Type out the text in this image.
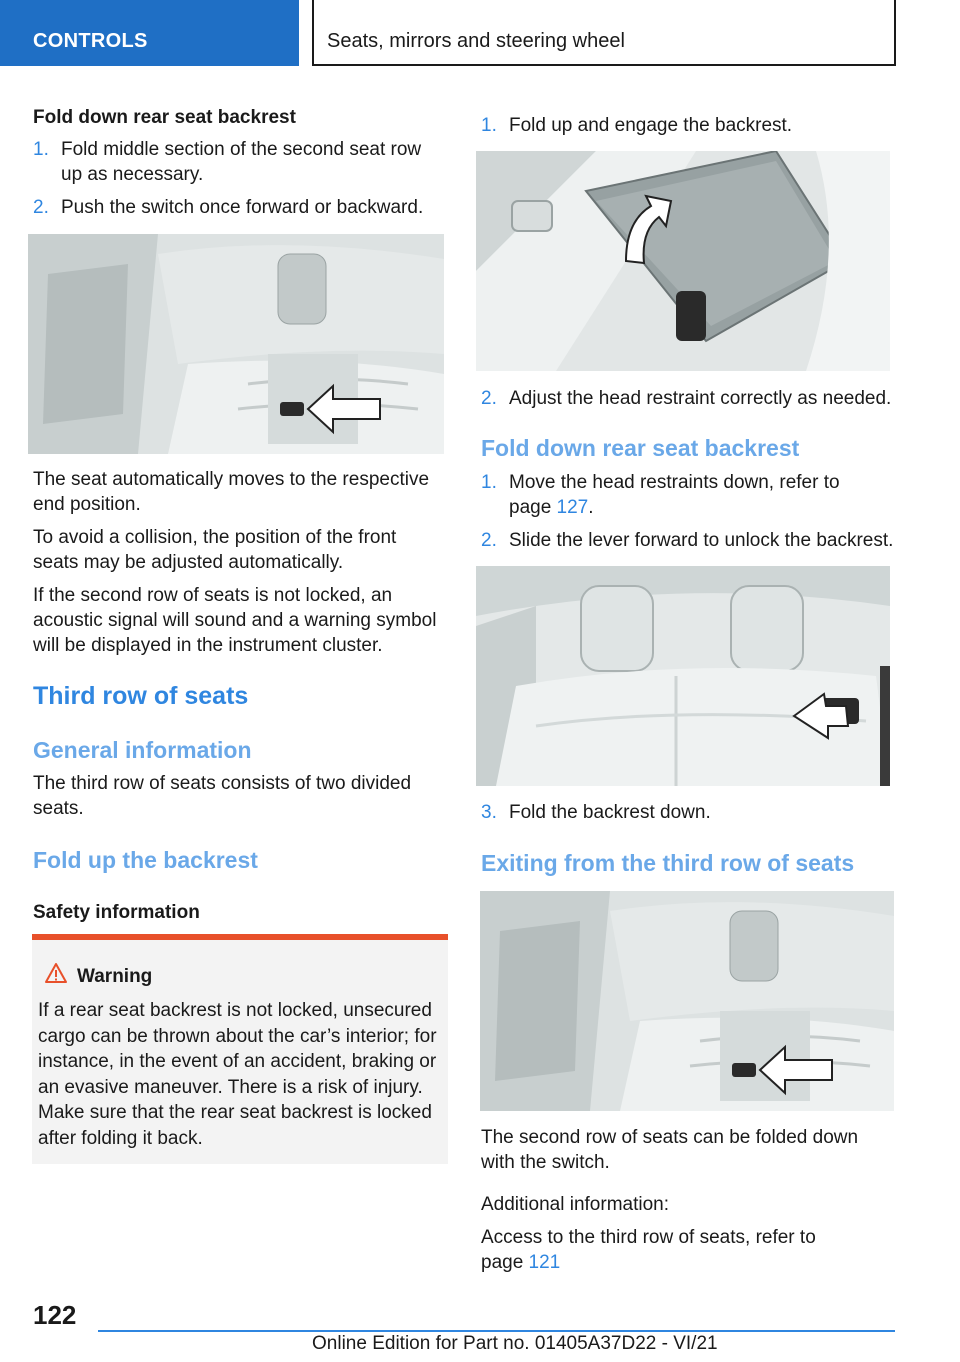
CONTROLS	Seats, mirrors and steering wheel
Fold down rear seat backrest
1. Fold middle section of the second seat row up as necessary.
2. Push the switch once forward or backward.
The seat automatically moves to the respective end position.
To avoid a collision, the position of the front seats may be adjusted automatically.
If the second row of seats is not locked, an acoustic signal will sound and a warning symbol will be displayed in the instrument cluster.
Third row of seats
General information
The third row of seats consists of two divided seats.
Fold up the backrest
Safety information
Warning
If a rear seat backrest is not locked, unsecured cargo can be thrown about the car’s interior; for instance, in the event of an accident, braking or an evasive maneuver. There is a risk of injury. Make sure that the rear seat backrest is locked after folding it back.
1. Fold up and engage the backrest.
2. Adjust the head restraint correctly as needed.
Fold down rear seat backrest
1. Move the head restraints down, refer to
page 127.
2. Slide the lever forward to unlock the backrest.
3. Fold the backrest down.
Exiting from the third row of seats
The second row of seats can be folded down with the switch.
Additional information:
Access to the third row of seats, refer to
page 121
122
Online Edition for Part no. 01405A37D22 - VI/21
